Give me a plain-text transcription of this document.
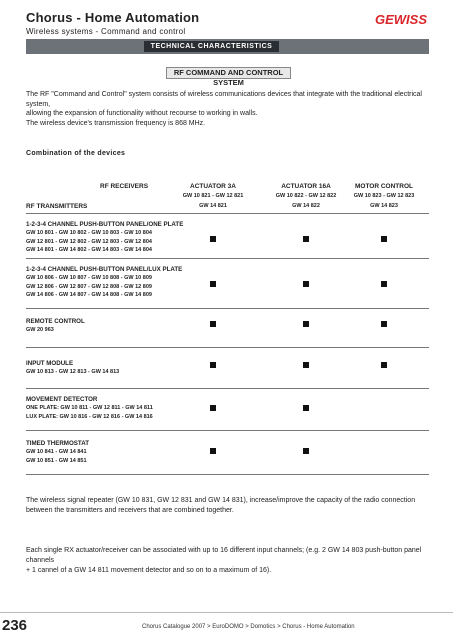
Chorus - Home Automation
Wireless systems - Command and control
GEWISS
TECHNICAL CHARACTERISTICS
RF COMMAND AND CONTROL SYSTEM
The RF "Command and Control" system consists of wireless communications devices that integrate with the traditional electrical system,
allowing the expansion of functionality without recourse to working in walls.
The wireless device's transmission frequency is 868 MHz.
Combination of the devices
RF RECEIVERS
RF TRANSMITTERS
ACTUATOR 3A
GW 10 821 - GW 12 821
GW 14 821
ACTUATOR 16A
GW 10 822 - GW 12 822
GW 14 822
MOTOR CONTROL
GW 10 823 - GW 12 823
GW 14 823
1-2-3-4 CHANNEL PUSH-BUTTON PANEL/ONE PLATE
GW 10 801 - GW 10 802 - GW 10 803 - GW 10 804
GW 12 801 - GW 12 802 - GW 12 803 - GW 12 804
GW 14 801 - GW 14 802 - GW 14 803 - GW 14 804
1-2-3-4 CHANNEL PUSH-BUTTON PANEL/LUX PLATE
GW 10 806 - GW 10 807 - GW 10 808 - GW 10 809
GW 12 806 - GW 12 807 - GW 12 808 - GW 12 809
GW 14 806 - GW 14 807 - GW 14 808 - GW 14 809
REMOTE CONTROL
GW 20 963
INPUT MODULE
GW 10 813 - GW 12 813 - GW 14 813
MOVEMENT DETECTOR
ONE PLATE: GW 10 811 - GW 12 811 - GW 14 811
LUX PLATE: GW 10 816 - GW 12 816 - GW 14 816
TIMED THERMOSTAT
GW 10 841 - GW 14 841
GW 10 851 - GW 14 851
The wireless signal repeater (GW 10 831, GW 12 831 and GW 14 831), increase/improve the capacity of the radio connection
between the transmitters and receivers that are combined together.
Each single RX actuator/receiver can be associated with up to 16 different input channels; (e.g. 2 GW 14 803 push-button panel channels
+ 1 cannel of a GW 14 811 movement detector and so on to a maximum of 16).
236	Chorus Catalogue 2007 > EuroDOMO > Domotics > Chorus - Home Automation
